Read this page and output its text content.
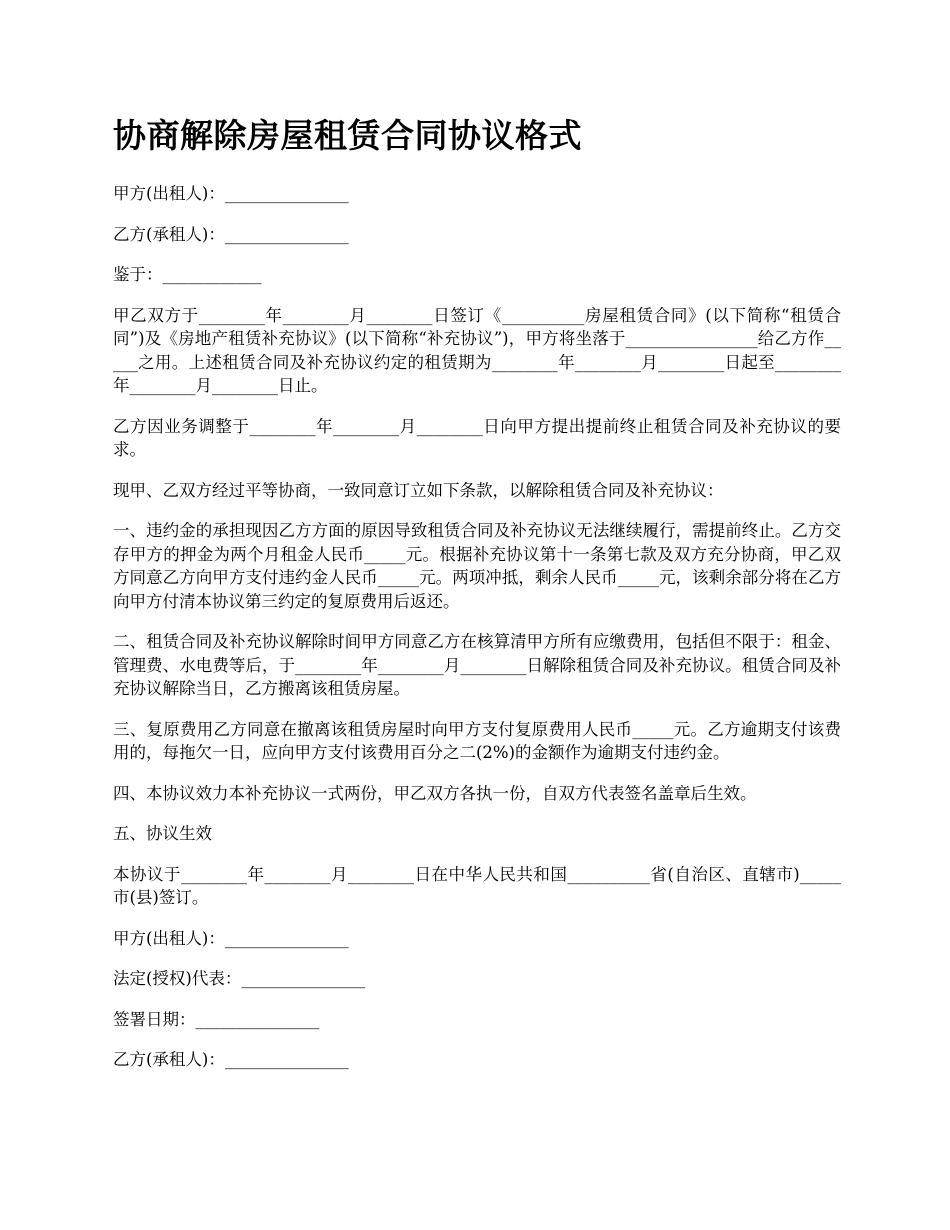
协商解除房屋租赁合同协议格式

甲方(出租人)：_______________

乙方(承租人)：_______________

鉴于：____________

甲乙双方于________年________月________日签订《__________房屋租赁合同》(以下简称“租赁合同”)及《房地产租赁补充协议》(以下简称“补充协议”)，甲方将坐落于________________给乙方作_____之用。上述租赁合同及补充协议约定的租赁期为________年________月________日起至________年________月________日止。

乙方因业务调整于________年________月________日向甲方提出提前终止租赁合同及补充协议的要求。

现甲、乙双方经过平等协商，一致同意订立如下条款，以解除租赁合同及补充协议：

一、违约金的承担现因乙方方面的原因导致租赁合同及补充协议无法继续履行，需提前终止。乙方交存甲方的押金为两个月租金人民币_____元。根据补充协议第十一条第七款及双方充分协商，甲乙双方同意乙方向甲方支付违约金人民币_____元。两项冲抵，剩余人民币_____元，该剩余部分将在乙方向甲方付清本协议第三约定的复原费用后返还。

二、租赁合同及补充协议解除时间甲方同意乙方在核算清甲方所有应缴费用，包括但不限于：租金、管理费、水电费等后，于________年________月________日解除租赁合同及补充协议。租赁合同及补充协议解除当日，乙方搬离该租赁房屋。

三、复原费用乙方同意在撤离该租赁房屋时向甲方支付复原费用人民币_____元。乙方逾期支付该费用的，每拖欠一日，应向甲方支付该费用百分之二(2%)的金额作为逾期支付违约金。

四、本协议效力本补充协议一式两份，甲乙双方各执一份，自双方代表签名盖章后生效。

五、协议生效

本协议于________年________月________日在中华人民共和国__________省(自治区、直辖市)_____市(县)签订。

甲方(出租人)：_______________

法定(授权)代表：_______________

签署日期：_______________

乙方(承租人)：_______________
